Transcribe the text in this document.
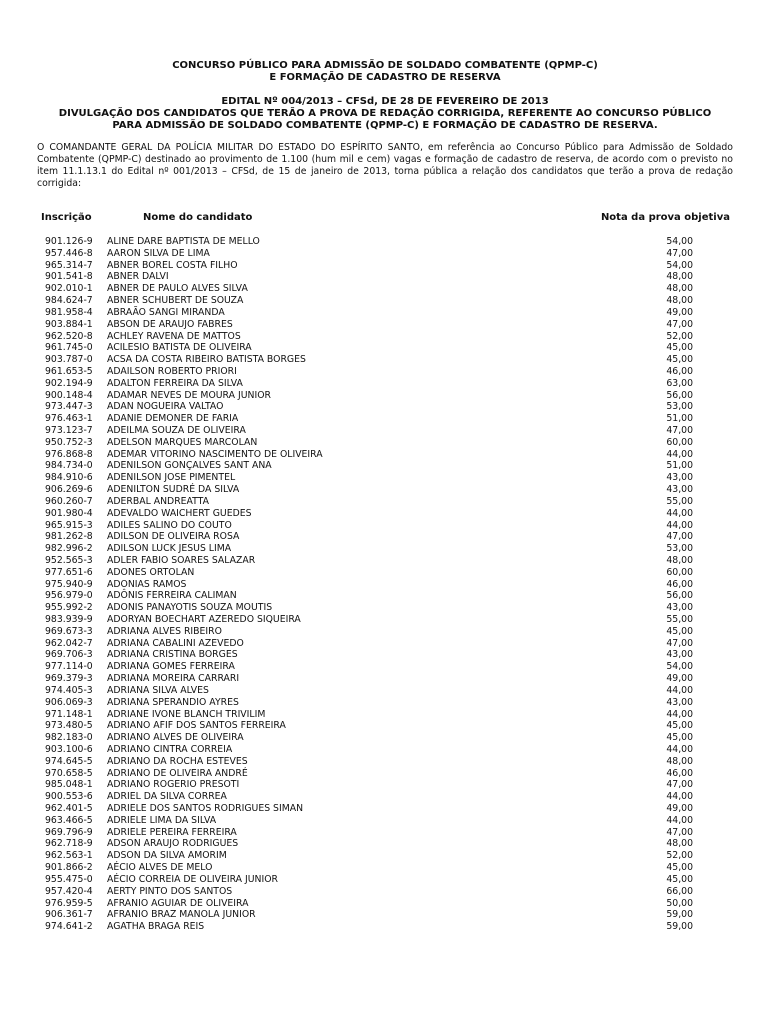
CONCURSO PÚBLICO PARA ADMISSÃO DE SOLDADO COMBATENTE (QPMP-C)
E FORMAÇÃO DE CADASTRO DE RESERVA
EDITAL Nº 004/2013 – CFSd, DE 28 DE FEVEREIRO DE 2013
DIVULGAÇÃO DOS CANDIDATOS QUE TERÃO A PROVA DE REDAÇÃO CORRIGIDA, REFERENTE AO CONCURSO PÚBLICO
PARA ADMISSÃO DE SOLDADO COMBATENTE (QPMP-C) E FORMAÇÃO DE CADASTRO DE RESERVA.

O COMANDANTE GERAL DA POLÍCIA MILITAR DO ESTADO DO ESPÍRITO SANTO, em referência ao Concurso Público para Admissão de Soldado Combatente (QPMP-C) destinado ao provimento de 1.100 (hum mil e cem) vagas e formação de cadastro de reserva, de acordo com o previsto no item 11.1.13.1 do Edital nº 001/2013 – CFSd, de 15 de janeiro de 2013, torna pública a relação dos candidatos que terão a prova de redação corrigida:

Inscrição	Nome do candidato	Nota da prova objetiva
901.126-9 ALINE DARE BAPTISTA DE MELLO	54,00
957.446-8 AARON SILVA DE LIMA	47,00
965.314-7 ABNER BOREL COSTA FILHO	54,00
901.541-8 ABNER DALVI	48,00
902.010-1 ABNER DE PAULO ALVES SILVA	48,00
984.624-7 ABNER SCHUBERT DE SOUZA	48,00
981.958-4 ABRAÃO SANGI MIRANDA	49,00
903.884-1 ABSON DE ARAUJO FABRES	47,00
962.520-8 ACHLEY RAVENA DE MATTOS	52,00
961.745-0 ACILESIO BATISTA DE OLIVEIRA	45,00
903.787-0 ACSA DA COSTA RIBEIRO BATISTA BORGES	45,00
961.653-5 ADAILSON ROBERTO PRIORI	46,00
902.194-9 ADALTON FERREIRA DA SILVA	63,00
900.148-4 ADAMAR NEVES DE MOURA JUNIOR	56,00
973.447-3 ADAN NOGUEIRA VALTAO	53,00
976.463-1 ADANIE DEMONER DE FARIA	51,00
973.123-7 ADEILMA SOUZA DE OLIVEIRA	47,00
950.752-3 ADELSON MARQUES MARCOLAN	60,00
976.868-8 ADEMAR VITORINO NASCIMENTO DE OLIVEIRA	44,00
984.734-0 ADENILSON GONÇALVES SANT ANA	51,00
984.910-6 ADENILSON JOSE PIMENTEL	43,00
906.269-6 ADENILTON SUDRÉ DA SILVA	43,00
960.260-7 ADERBAL ANDREATTA	55,00
901.980-4 ADEVALDO WAICHERT GUEDES	44,00
965.915-3 ADILES SALINO DO COUTO	44,00
981.262-8 ADILSON DE OLIVEIRA ROSA	47,00
982.996-2 ADILSON LUCK JESUS LIMA	53,00
952.565-3 ADLER FABIO SOARES SALAZAR	48,00
977.651-6 ADONES ORTOLAN	60,00
975.940-9 ADONIAS RAMOS	46,00
956.979-0 ADÔNIS FERREIRA CALIMAN	56,00
955.992-2 ADONIS PANAYOTIS SOUZA MOUTIS	43,00
983.939-9 ADORYAN BOECHART AZEREDO SIQUEIRA	55,00
969.673-3 ADRIANA ALVES RIBEIRO	45,00
962.042-7 ADRIANA CABALINI AZEVEDO	47,00
969.706-3 ADRIANA CRISTINA BORGES	43,00
977.114-0 ADRIANA GOMES FERREIRA	54,00
969.379-3 ADRIANA MOREIRA CARRARI	49,00
974.405-3 ADRIANA SILVA ALVES	44,00
906.069-3 ADRIANA SPERANDIO AYRES	43,00
971.148-1 ADRIANE IVONE BLANCH TRIVILIM	44,00
973.480-5 ADRIANO AFIF DOS SANTOS FERREIRA	45,00
982.183-0 ADRIANO ALVES DE OLIVEIRA	45,00
903.100-6 ADRIANO CINTRA CORREIA	44,00
974.645-5 ADRIANO DA ROCHA ESTEVES	48,00
970.658-5 ADRIANO DE OLIVEIRA ANDRÉ	46,00
985.048-1 ADRIANO ROGERIO PRESOTI	47,00
900.553-6 ADRIEL DA SILVA CORREA	44,00
962.401-5 ADRIELE DOS SANTOS RODRIGUES SIMAN	49,00
963.466-5 ADRIELE LIMA DA SILVA	44,00
969.796-9 ADRIELE PEREIRA FERREIRA	47,00
962.718-9 ADSON ARAUJO RODRIGUES	48,00
962.563-1 ADSON DA SILVA AMORIM	52,00
901.866-2 AÉCIO ALVES DE MELO	45,00
955.475-0 AÉCIO CORREIA DE OLIVEIRA JUNIOR	45,00
957.420-4 AERTY PINTO DOS SANTOS	66,00
976.959-5 AFRANIO AGUIAR DE OLIVEIRA	50,00
906.361-7 AFRANIO BRAZ MANOLA JUNIOR	59,00
974.641-2 AGATHA BRAGA REIS	59,00
